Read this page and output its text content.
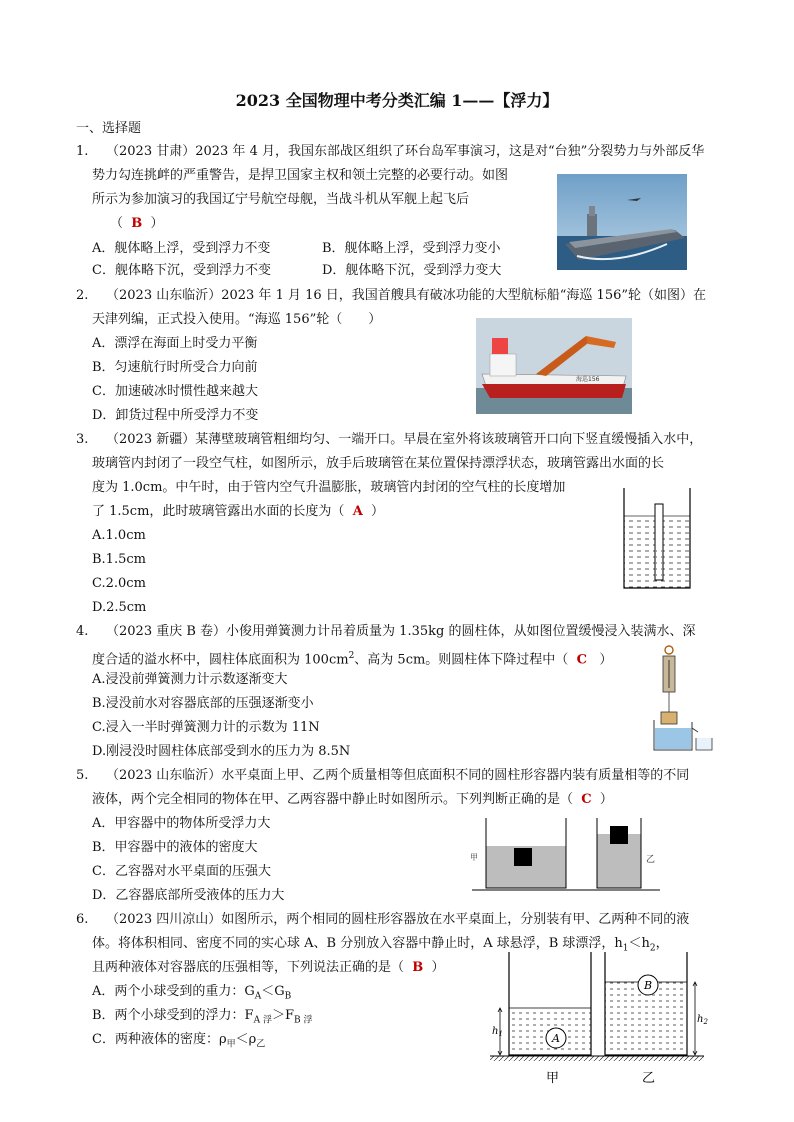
2023 全国物理中考分类汇编 1——【浮力】
一、选择题
1. （2023 甘肃）2023 年 4 月，我国东部战区组织了环台岛军事演习，这是对“台独”分裂势力与外部反华
势力勾连挑衅的严重警告，是捍卫国家主权和领土完整的必要行动。如图
所示为参加演习的我国辽宁号航空母舰，当战斗机从军舰上起飞后
（ B ）
A．舰体略上浮，受到浮力不变	B．舰体略上浮，受到浮力变小
C．舰体略下沉，受到浮力不变	D．舰体略下沉，受到浮力变大
2. （2023 山东临沂）2023 年 1 月 16 日，我国首艘具有破冰功能的大型航标船“海巡 156”轮（如图）在
天津列编，正式投入使用。“海巡 156”轮（　　）
A．漂浮在海面上时受力平衡
B．匀速航行时所受合力向前
C．加速破冰时惯性越来越大
D．卸货过程中所受浮力不变
海巡156
3. （2023 新疆）某薄壁玻璃管粗细均匀、一端开口。早晨在室外将该玻璃管开口向下竖直缓慢插入水中，
玻璃管内封闭了一段空气柱，如图所示，放手后玻璃管在某位置保持漂浮状态，玻璃管露出水面的长
度为 1.0cm。中午时，由于管内空气升温膨胀，玻璃管内封闭的空气柱的长度增加
了 1.5cm，此时玻璃管露出水面的长度为（ A ）
A.1.0cm
B.1.5cm
C.2.0cm
D.2.5cm
4. （2023 重庆 B 卷）小俊用弹簧测力计吊着质量为 1.35kg 的圆柱体，从如图位置缓慢浸入装满水、深
度合适的溢水杯中，圆柱体底面积为 $100cm^2$、高为 5cm。则圆柱体下降过程中（ C ）
A.浸没前弹簧测力计示数逐渐变大
B.浸没前水对容器底部的压强逐渐变小
C.浸入一半时弹簧测力计的示数为 11N
D.刚浸没时圆柱体底部受到水的压力为 8.5N
5. （2023 山东临沂）水平桌面上甲、乙两个质量相等但底面积不同的圆柱形容器内装有质量相等的不同
液体，两个完全相同的物体在甲、乙两容器中静止时如图所示。下列判断正确的是（ C ）
A．甲容器中的物体所受浮力大
B．甲容器中的液体的密度大
C．乙容器对水平桌面的压强大
D．乙容器底部所受液体的压力大
甲	乙
6. （2023 四川凉山）如图所示，两个相同的圆柱形容器放在水平桌面上，分别装有甲、乙两种不同的液
体。将体积相同、密度不同的实心球 A、B 分别放入容器中静止时，A 球悬浮，B 球漂浮，$h_1<h_2$，
且两种液体对容器底的压强相等，下列说法正确的是（ B ）
A．两个小球受到的重力：$G_A<G_B$
B．两个小球受到的浮力：$F_{A 浮}>F_{B 浮}$
C．两种液体的密度：$\rho_甲<\rho_乙$	A
$h_1$
B
$h_2$
甲	乙
